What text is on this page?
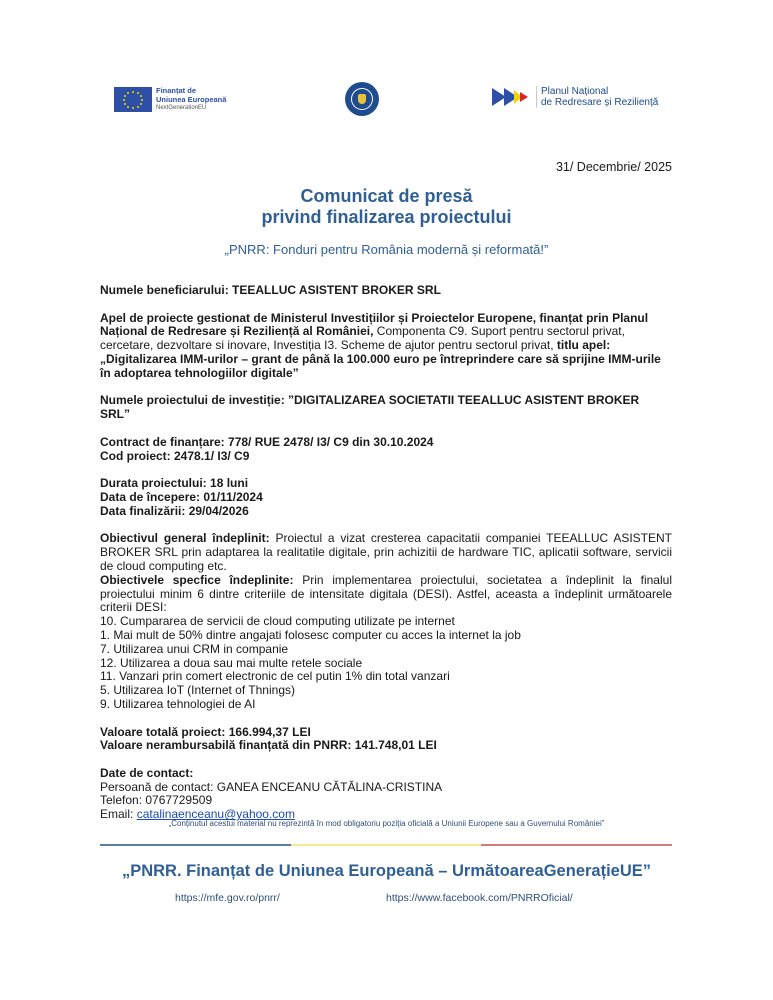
Finanțat de
Uniunea Europeană
NextGenerationEU
Planul Național
de Redresare și Reziliență
31/ Decembrie/ 2025
Comunicat de presă
privind finalizarea proiectului
„PNRR: Fonduri pentru România modernă și reformată!”

Numele beneficiarului: TEEALLUC ASISTENT BROKER SRL

Apel de proiecte gestionat de Ministerul Investițiilor și Proiectelor Europene, finanțat prin Planul Național de Redresare și Reziliență al României, Componenta C9. Suport pentru sectorul privat, cercetare, dezvoltare si inovare, Investiția I3. Scheme de ajutor pentru sectorul privat, titlu apel:
„Digitalizarea IMM-urilor – grant de până la 100.000 euro pe întreprindere care să sprijine IMM-urile în adoptarea tehnologiilor digitale”

Numele proiectului de investiție: ”DIGITALIZAREA SOCIETATII TEEALLUC ASISTENT BROKER SRL”

Contract de finanțare: 778/ RUE 2478/ I3/ C9 din 30.10.2024

Cod proiect: 2478.1/ I3/ C9

Durata proiectului: 18 luni

Data de începere: 01/11/2024

Data finalizării: 29/04/2026

Obiectivul general îndeplinit: Proiectul a vizat cresterea capacitatii companiei TEEALLUC ASISTENT BROKER SRL prin adaptarea la realitatile digitale, prin achizitii de hardware TIC, aplicatii software, servicii de cloud computing etc.

Obiectivele specfice îndeplinite: Prin implementarea proiectului, societatea a îndeplinit la finalul proiectului minim 6 dintre criteriile de intensitate digitala (DESI). Astfel, aceasta a îndeplinit următoarele criterii DESI:

10. Cumpararea de servicii de cloud computing utilizate pe internet

1. Mai mult de 50% dintre angajati folosesc computer cu acces la internet la job

7. Utilizarea unui CRM in companie

12. Utilizarea a doua sau mai multe retele sociale

11. Vanzari prin comert electronic de cel putin 1% din total vanzari

5. Utilizarea IoT (Internet of Thnings)

9. Utilizarea tehnologiei de AI

Valoare totală proiect: 166.994,37 LEI

Valoare nerambursabilă finanțată din PNRR: 141.748,01 LEI

Date de contact:

Persoană de contact: GANEA ENCEANU CĂTĂLINA-CRISTINA

Telefon: 0767729509

Email: catalinaenceanu@yahoo.com

„Conținutul acestui material nu reprezintă în mod obligatoriu poziția oficială a Uniunii Europene sau a Guvernului României”
„PNRR. Finanțat de Uniunea Europeană – UrmătoareaGenerațieUE”
https://mfe.gov.ro/pnrr/	https://www.facebook.com/PNRROficial/
